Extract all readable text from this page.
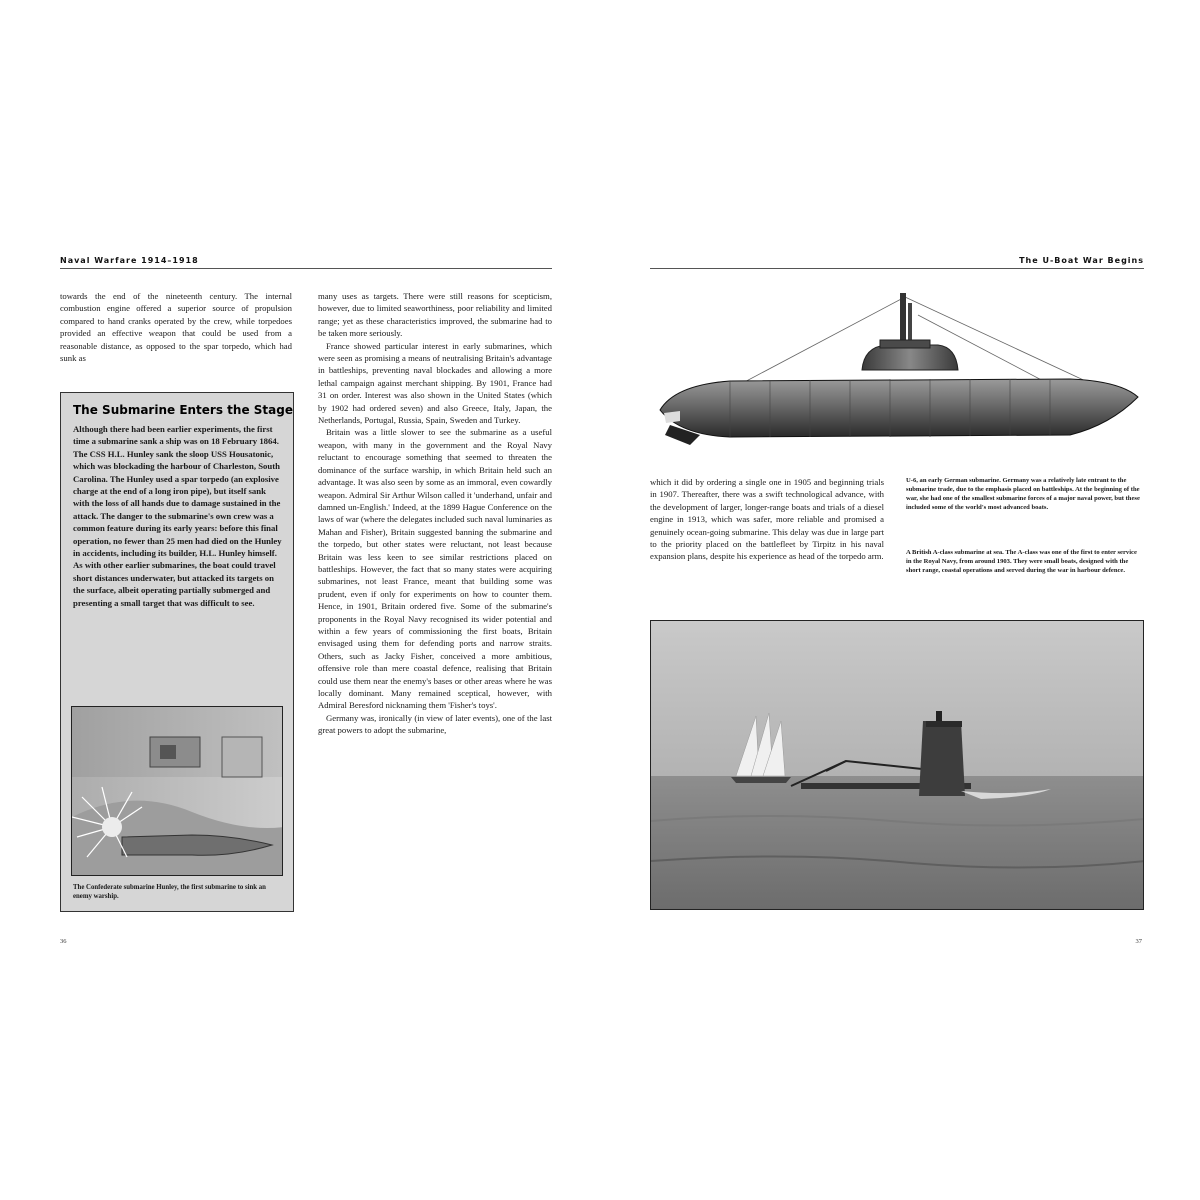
Naval Warfare 1914–1918

towards the end of the nineteenth century. The internal combustion engine offered a superior source of propulsion compared to hand cranks operated by the crew, while torpedoes provided an effective weapon that could be used from a reasonable distance, as opposed to the spar torpedo, which had sunk as

The Submarine Enters the Stage
Although there had been earlier experiments, the first time a submarine sank a ship was on 18 February 1864. The CSS H.L. Hunley sank the sloop USS Housatonic, which was blockading the harbour of Charleston, South Carolina. The Hunley used a spar torpedo (an explosive charge at the end of a long iron pipe), but itself sank with the loss of all hands due to damage sustained in the attack. The danger to the submarine's own crew was a common feature during its early years: before this final operation, no fewer than 25 men had died on the Hunley in accidents, including its builder, H.L. Hunley himself. As with other earlier submarines, the boat could travel short distances underwater, but attacked its targets on the surface, albeit operating partially submerged and presenting a small target that was difficult to see.
The Confederate submarine Hunley, the first submarine to sink an enemy warship.

many uses as targets. There were still reasons for scepticism, however, due to limited seaworthiness, poor reliability and limited range; yet as these characteristics improved, the submarine had to be taken more seriously.

France showed particular interest in early submarines, which were seen as promising a means of neutralising Britain's advantage in battleships, preventing naval blockades and allowing a more lethal campaign against merchant shipping. By 1901, France had 31 on order. Interest was also shown in the United States (which by 1902 had ordered seven) and also Greece, Italy, Japan, the Netherlands, Portugal, Russia, Spain, Sweden and Turkey.

Britain was a little slower to see the submarine as a useful weapon, with many in the government and the Royal Navy reluctant to encourage something that seemed to threaten the dominance of the surface warship, in which Britain held such an advantage. It was also seen by some as an immoral, even cowardly weapon. Admiral Sir Arthur Wilson called it 'underhand, unfair and damned un-English.' Indeed, at the 1899 Hague Conference on the laws of war (where the delegates included such naval luminaries as Mahan and Fisher), Britain suggested banning the submarine and the torpedo, but other states were reluctant, not least because Britain was less keen to see similar restrictions placed on battleships. However, the fact that so many states were acquiring submarines, not least France, meant that building some was prudent, even if only for experiments on how to counter them. Hence, in 1901, Britain ordered five. Some of the submarine's proponents in the Royal Navy recognised its wider potential and within a few years of commissioning the first boats, Britain envisaged using them for defending ports and narrow straits. Others, such as Jacky Fisher, conceived a more ambitious, offensive role than mere coastal defence, realising that Britain could use them near the enemy's bases or other areas where he was locally dominant. Many remained sceptical, however, with Admiral Beresford nicknaming them 'Fisher's toys'.

Germany was, ironically (in view of later events), one of the last great powers to adopt the submarine,

36
The U-Boat War Begins

which it did by ordering a single one in 1905 and beginning trials in 1907. Thereafter, there was a swift technological advance, with the development of larger, longer-range boats and trials of a diesel engine in 1913, which was safer, more reliable and promised a genuinely ocean-going submarine. This delay was due in large part to the priority placed on the battlefleet by Tirpitz in his naval expansion plans, despite his experience as head of the torpedo arm.

U-6, an early German submarine. Germany was a relatively late entrant to the submarine trade, due to the emphasis placed on battleships. At the beginning of the war, she had one of the smallest submarine forces of a major naval power, but these included some of the world's most advanced boats.
A British A-class submarine at sea. The A-class was one of the first to enter service in the Royal Navy, from around 1903. They were small boats, designed with the short range, coastal operations and served during the war in harbour defence.
37
